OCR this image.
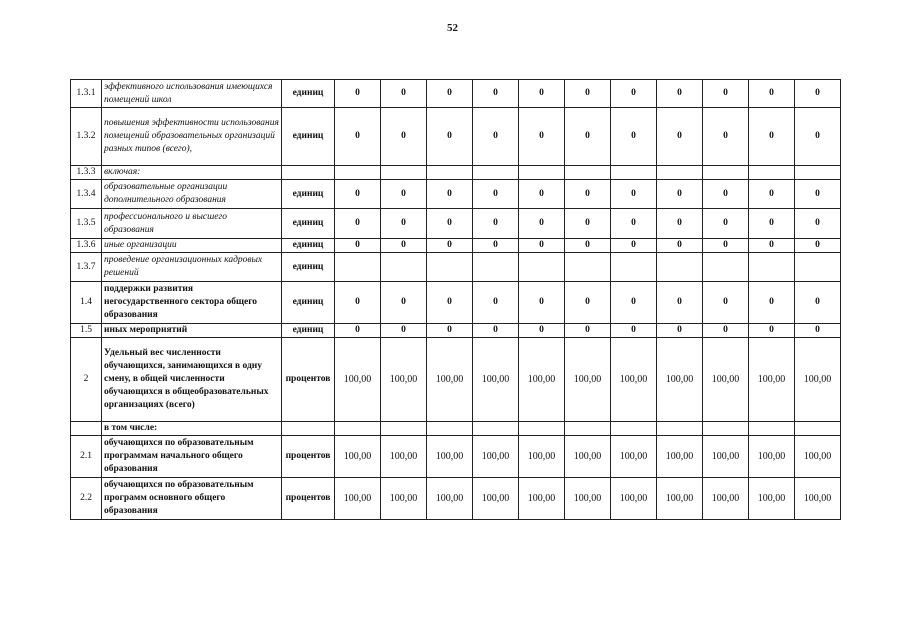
52
1.3.1	эффективного использования имеющихся помещений школ	единиц	0	0	0	0	0	0	0	0	0	0	0
1.3.2	повышения эффективности использования помещений образовательных организаций разных типов (всего),	единиц	0	0	0	0	0	0	0	0	0	0	0
1.3.3	включая:												
1.3.4	образовательные организации дополнительного образования	единиц	0	0	0	0	0	0	0	0	0	0	0
1.3.5	профессионального и высшего образования	единиц	0	0	0	0	0	0	0	0	0	0	0
1.3.6	иные организации	единиц	0	0	0	0	0	0	0	0	0	0	0
1.3.7	проведение организационных кадровых решений	единиц											
1.4	поддержки развития негосударственного сектора общего образования	единиц	0	0	0	0	0	0	0	0	0	0	0
1.5	иных мероприятий	единиц	0	0	0	0	0	0	0	0	0	0	0
2	Удельный вес численности обучающихся, занимающихся в одну смену, в общей численности обучающихся в общеобразовательных организациях (всего)	процентов	100,00	100,00	100,00	100,00	100,00	100,00	100,00	100,00	100,00	100,00	100,00
	в том числе:												
2.1	обучающихся по образовательным программам начального общего образования	процентов	100,00	100,00	100,00	100,00	100,00	100,00	100,00	100,00	100,00	100,00	100,00
2.2	обучающихся по образовательным программ основного общего образования	процентов	100,00	100,00	100,00	100,00	100,00	100,00	100,00	100,00	100,00	100,00	100,00
